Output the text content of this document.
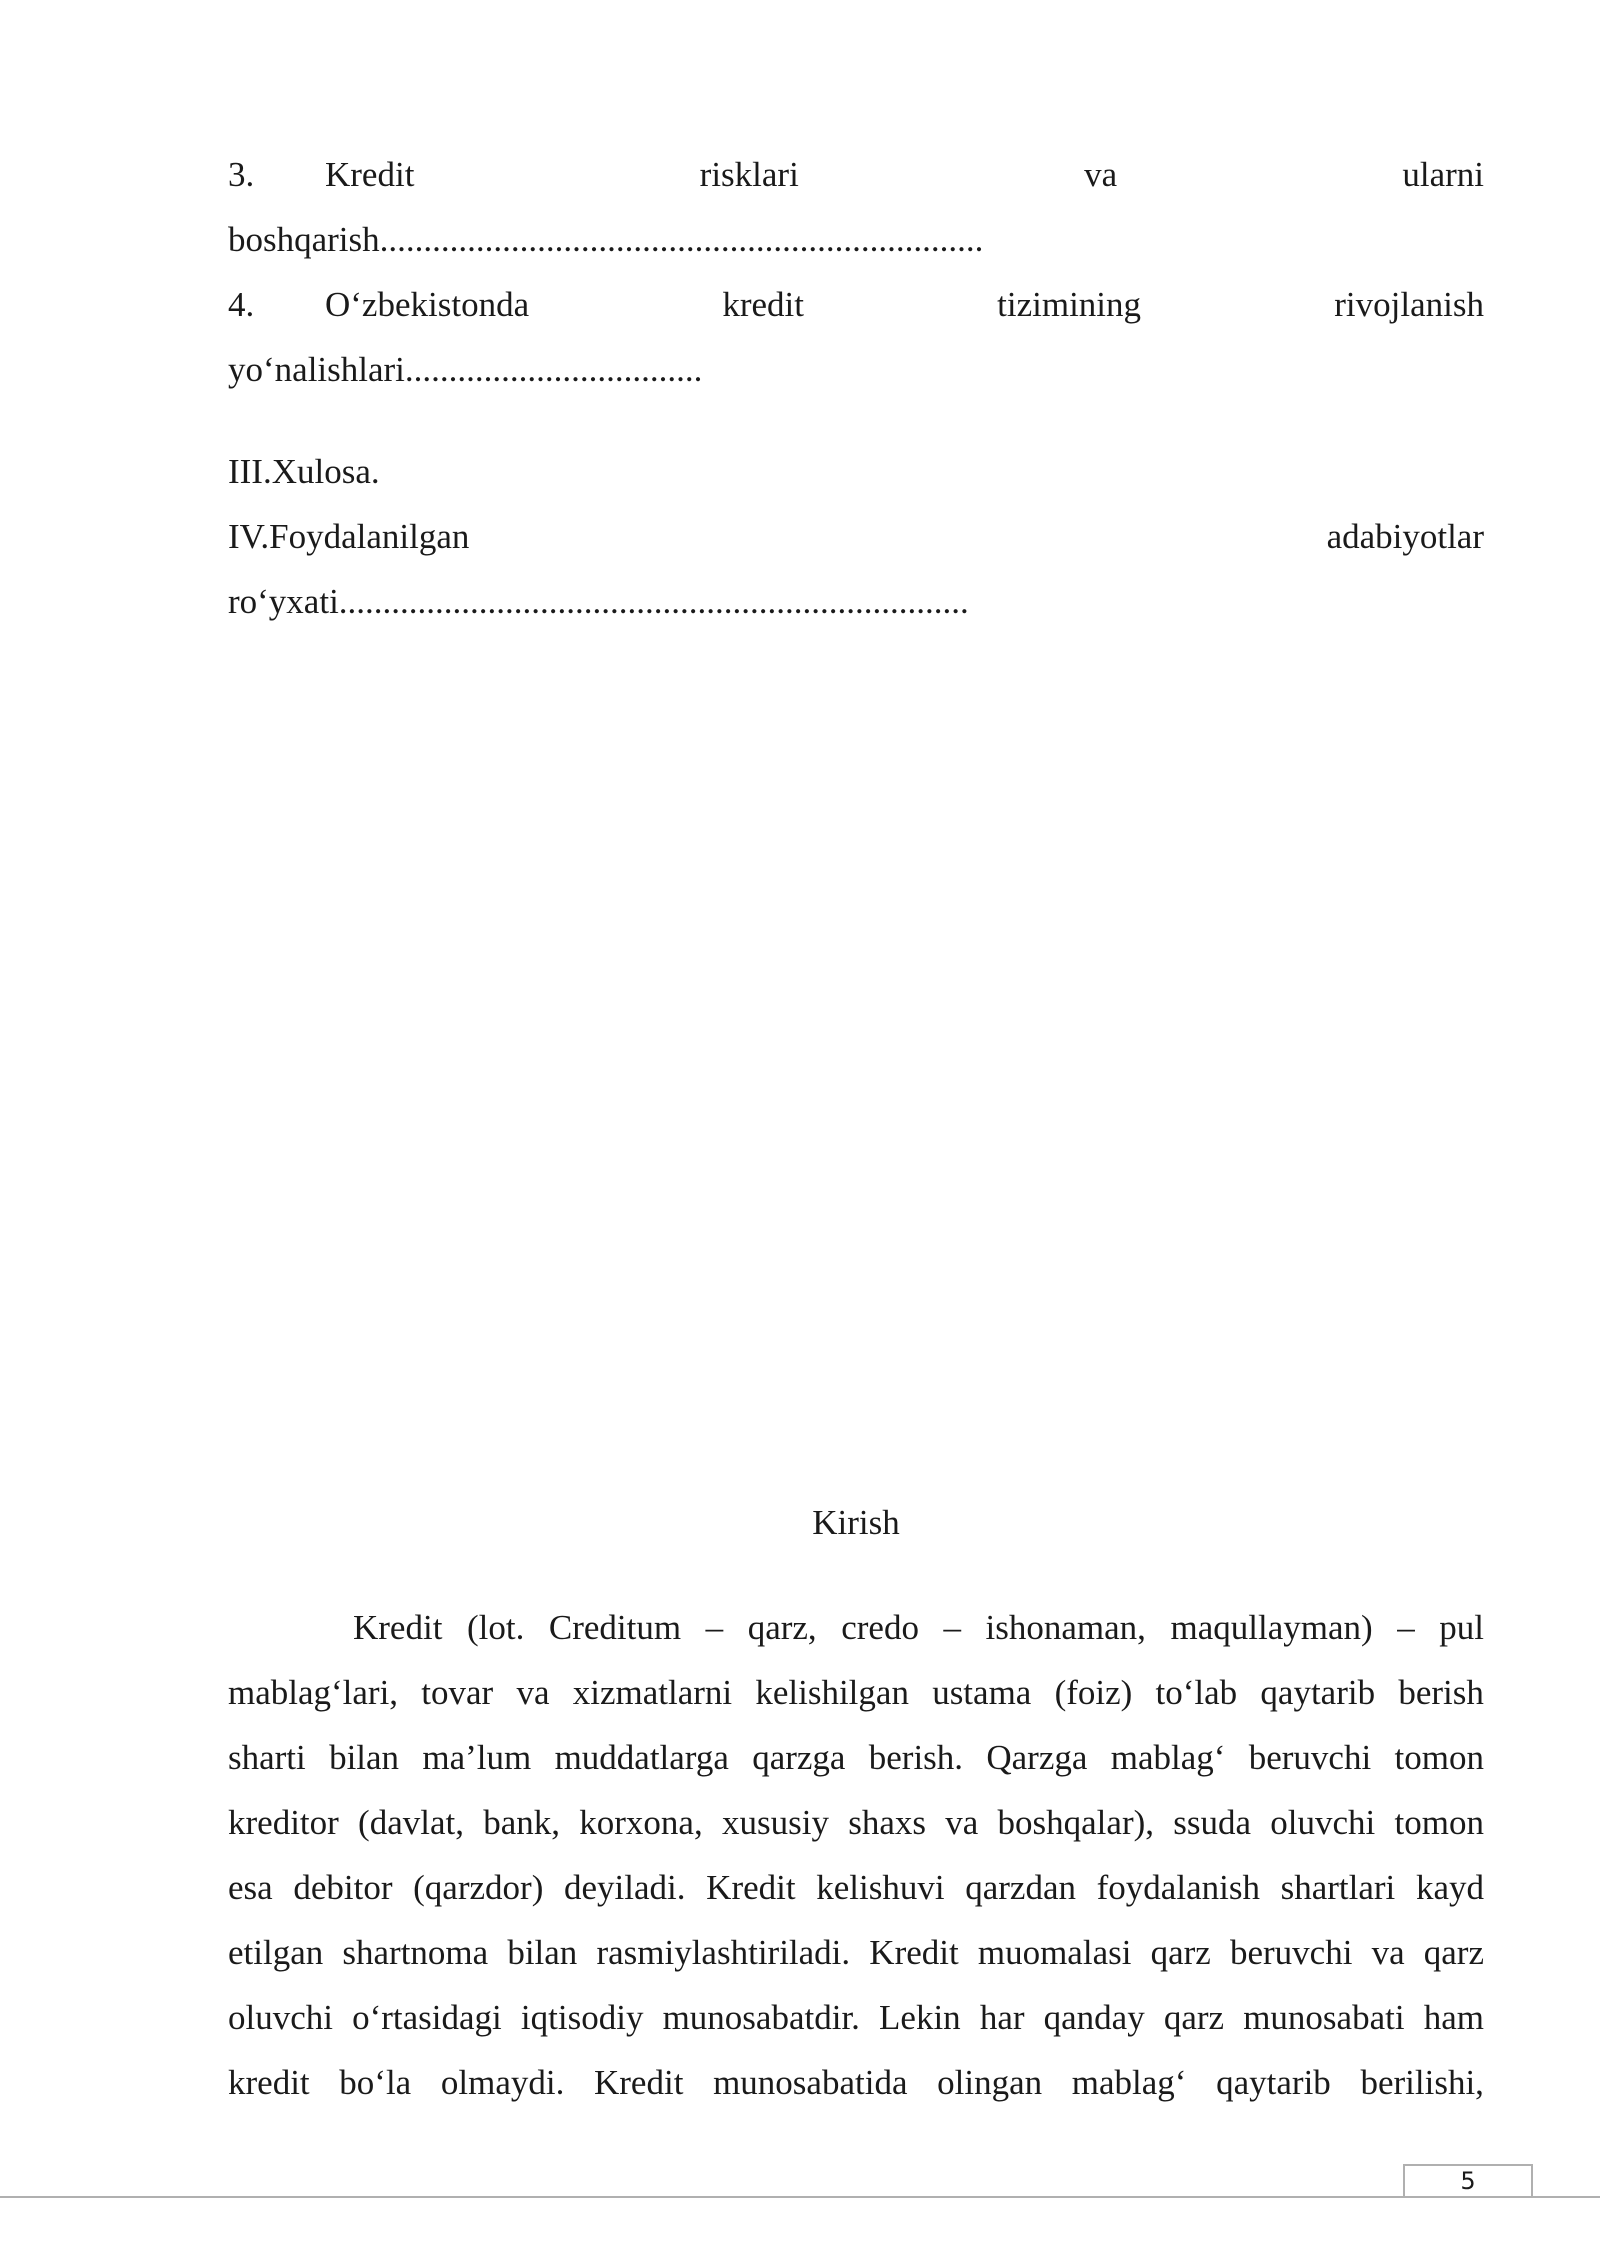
3.	Kredit	risklari	va	ularni
boshqarish.....................................................................
4.	O‘zbekistonda	kredit	tizimining	rivojlanish
yo‘nalishlari..................................
III.Xulosa.
IV.Foydalanilgan	adabiyotlar
ro‘yxati........................................................................
Kirish
Kredit (lot. Creditum – qarz, credo – ishonaman, maqullayman) – pul
mablag‘lari, tovar va xizmatlarni kelishilgan ustama (foiz) to‘lab qaytarib berish
sharti bilan ma’lum muddatlarga qarzga berish. Qarzga mablag‘ beruvchi tomon
kreditor (davlat, bank, korxona, xususiy shaxs va boshqalar), ssuda oluvchi tomon
esa debitor (qarzdor) deyiladi. Kredit kelishuvi qarzdan foydalanish shartlari kayd
etilgan shartnoma bilan rasmiylashtiriladi. Kredit muomalasi qarz beruvchi va qarz
oluvchi o‘rtasidagi iqtisodiy munosabatdir. Lekin har qanday qarz munosabati ham
kredit bo‘la olmaydi. Kredit munosabatida olingan mablag‘ qaytarib berilishi,
5
